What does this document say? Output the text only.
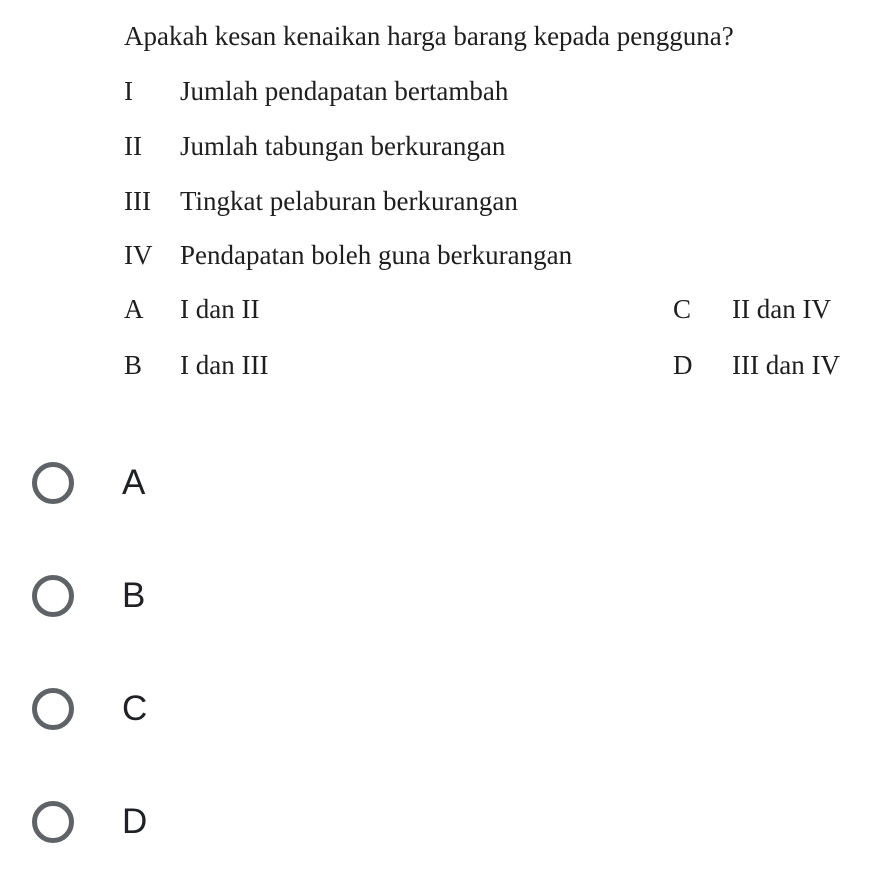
Apakah kesan kenaikan harga barang kepada pengguna?
I Jumlah pendapatan bertambah
II Jumlah tabungan berkurangan
III Tingkat pelaburan berkurangan
IV Pendapatan boleh guna berkurangan
A I dan II
B I dan III
C II dan IV
D III dan IV
A
B
C
D
